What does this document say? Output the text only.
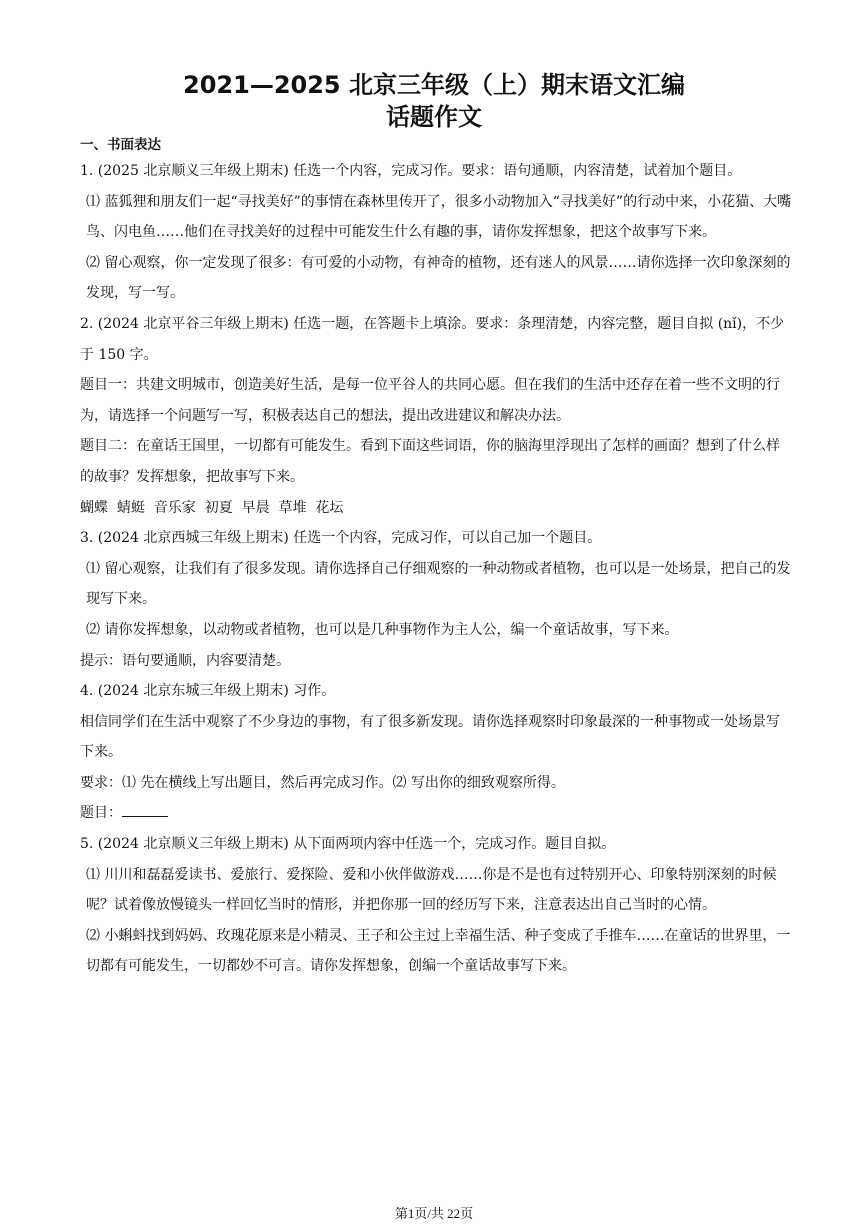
2021—2025 北京三年级（上）期末语文汇编
话题作文
一、书面表达

1. (2025 北京顺义三年级上期末) 任选一个内容，完成习作。要求：语句通顺，内容清楚，试着加个题目。

⑴ 蓝狐狸和朋友们一起“寻找美好”的事情在森林里传开了，很多小动物加入“寻找美好”的行动中来，小花猫、大嘴鸟、闪电鱼……他们在寻找美好的过程中可能发生什么有趣的事，请你发挥想象，把这个故事写下来。

⑵ 留心观察，你一定发现了很多：有可爱的小动物，有神奇的植物，还有迷人的风景……请你选择一次印象深刻的发现，写一写。

2. (2024 北京平谷三年级上期末) 任选一题，在答题卡上填涂。要求：条理清楚，内容完整，题目自拟 (nǐ)，不少于 150 字。

题目一：共建文明城市，创造美好生活，是每一位平谷人的共同心愿。但在我们的生活中还存在着一些不文明的行为，请选择一个问题写一写，积极表达自己的想法，提出改进建议和解决办法。

题目二：在童话王国里，一切都有可能发生。看到下面这些词语，你的脑海里浮现出了怎样的画面？想到了什么样的故事？发挥想象，把故事写下来。

蝴蝶  蜻蜓  音乐家  初夏  早晨  草堆  花坛

3. (2024 北京西城三年级上期末) 任选一个内容，完成习作，可以自己加一个题目。

⑴ 留心观察，让我们有了很多发现。请你选择自己仔细观察的一种动物或者植物，也可以是一处场景，把自己的发现写下来。

⑵ 请你发挥想象，以动物或者植物，也可以是几种事物作为主人公，编一个童话故事，写下来。

提示：语句要通顺，内容要清楚。

4. (2024 北京东城三年级上期末) 习作。

相信同学们在生活中观察了不少身边的事物，有了很多新发现。请你选择观察时印象最深的一种事物或一处场景写下来。

要求：⑴ 先在横线上写出题目，然后再完成习作。⑵ 写出你的细致观察所得。

题目：

5. (2024 北京顺义三年级上期末) 从下面两项内容中任选一个，完成习作。题目自拟。

⑴ 川川和磊磊爱读书、爱旅行、爱探险、爱和小伙伴做游戏……你是不是也有过特别开心、印象特别深刻的时候呢？试着像放慢镜头一样回忆当时的情形，并把你那一回的经历写下来，注意表达出自己当时的心情。

⑵ 小蝌蚪找到妈妈、玫瑰花原来是小精灵、王子和公主过上幸福生活、种子变成了手推车……在童话的世界里，一切都有可能发生，一切都妙不可言。请你发挥想象，创编一个童话故事写下来。

第1页/共 22页
